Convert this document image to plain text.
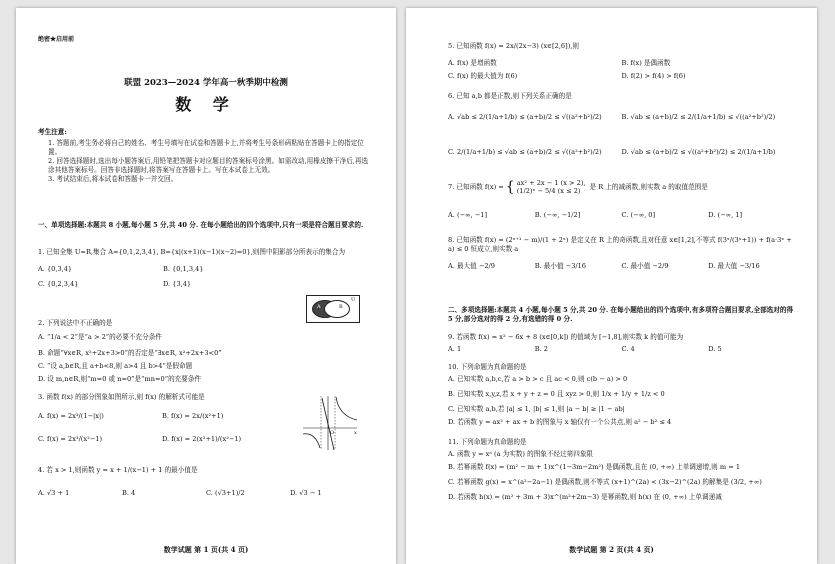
绝密★启用前
联盟 2023—2024 学年高一秋季期中检测
数 学
考生注意:
1. 答题前,考生务必将自己的姓名、考生号填写在试卷和答题卡上,并将考生号条形码粘贴在答题卡上的指定位置。
2. 回答选择题时,选出每小题答案后,用铅笔把答题卡对应题目的答案标号涂黑。如需改动,用橡皮擦干净后,再选涂其他答案标号。回答非选择题时,将答案写在答题卡上。写在本试卷上无效。
3. 考试结束后,将本试卷和答题卡一并交回。
一、单项选择题:本题共 8 小题,每小题 5 分,共 40 分. 在每小题给出的四个选项中,只有一项是符合题目要求的.
1. 已知全集 U=R,集合 A={0,1,2,3,4}, B={x|(x+1)(x−1)(x−2)=0},则图中阴影部分所表示的集合为
A. {0,3,4}	B. {0,1,3,4}
C. {0,2,3,4}	D. {3,4}
A	B
U
2. 下列说法中不正确的是
A. “1/a < 2”是“a > 2”的必要不充分条件
B. 命题“∀x∈R, x²+2x+3>0”的否定是“∃x∈R, x²+2x+3<0”
C. “设 a,b∈R,且 a+b<8,则 a>4 且 b>4”是假命题
D. 设 m,n∈R,则“m=0 或 n=0”是“mn=0”的充要条件
3. 函数 f(x) 的部分图象如图所示,则 f(x) 的解析式可能是
A. f(x) = 2x³/(1−|x|)	B. f(x) = 2x/(x²+1)
C. f(x) = 2x³/(x²−1)	D. f(x) = 2(x²+1)/(x²−1)
O	x
4. 若 x > 1,则函数 y = x + 1/(x−1) + 1 的最小值是
A. √3 + 1	B. 4	C. (√3+1)/2	D. √3 − 1
数学试题 第 1 页(共 4 页)
5. 已知函数 f(x) = 2x/(2x−3) (x∈[2,6]),则
A. f(x) 是增函数	B. f(x) 是偶函数
C. f(x) 的最大值为 f(6)	D. f(2) > f(4) > f(6)
6. 已知 a,b 都是正数,则下列关系正确的是
A. √ab ≤ 2/(1/a+1/b) ≤ (a+b)/2 ≤ √((a²+b²)/2)	B. √ab ≤ (a+b)/2 ≤ 2/(1/a+1/b) ≤ √((a²+b²)/2)
C. 2/(1/a+1/b) ≤ √ab ≤ (a+b)/2 ≤ √((a²+b²)/2)	D. √ab ≤ (a+b)/2 ≤ √((a²+b²)/2) ≤ 2/(1/a+1/b)
7. 已知函数 f(x) = { ax² + 2x − 1 (x > 2),
(1/2)ˣ − 5/4 (x ≤ 2)
是 R 上的减函数,则实数 a 的取值范围是
A. (−∞, −1]	B. (−∞, −1/2]	C. (−∞, 0]	D. (−∞, 1]
8. 已知函数 f(x) = (2ˣ⁺¹ − m)/(1 + 2ˣ) 是定义在 R 上的奇函数,且对任意 x∈[1,2],不等式 f(3ˣ/(3ˣ+1)) + f(a·3ˣ + a) ≤ 0 恒成立,则实数 a
A. 最大值 −2/9	B. 最小值 −3/16	C. 最小值 −2/9	D. 最大值 −3/16
二、多项选择题:本题共 4 小题,每小题 5 分,共 20 分. 在每小题给出的四个选项中,有多项符合题目要求,全部选对的得 5 分,部分选对的得 2 分,有选错的得 0 分.
9. 若函数 f(x) = x² − 6x + 8 (x∈[0,k]) 的值域为 [−1,8],则实数 k 的值可能为
A. 1	B. 2	C. 4	D. 5
10. 下列命题为真命题的是
A. 已知实数 a,b,c,若 a > b > c 且 ac < 0,则 c(b − a) > 0
B. 已知实数 x,y,z,若 x + y + z = 0 且 xyz > 0,则 1/x + 1/y + 1/z < 0
C. 已知实数 a,b,若 |a| ≤ 1, |b| ≤ 1,则 |a − b| ≥ |1 − ab|
D. 若函数 y = ax² + ax + b 的图象与 x 轴仅有一个公共点,则 a² − b² ≤ 4
11. 下列命题为真命题的是
A. 函数 y = xᵃ (a 为实数) 的图象不经过第四象限
B. 若幂函数 f(x) = (m² − m + 1)x^(1−3m−2m²) 是偶函数,且在 (0, +∞) 上单调递增,则 m = 1
C. 若幂函数 g(x) = x^(a²−2a−1) 是偶函数,则不等式 (x+1)^(2a) < (3x−2)^(2a) 的解集是 (3/2, +∞)
D. 若函数 h(x) = (m² + 3m + 3)x^(m²+2m−3) 是幂函数,则 h(x) 在 (0, +∞) 上单调递减
数学试题 第 2 页(共 4 页)
